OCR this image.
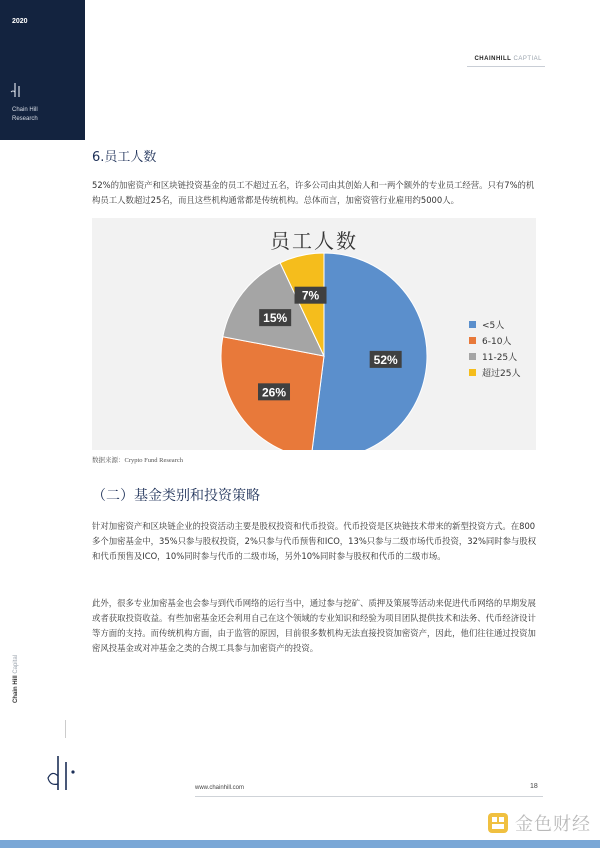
2020
Chain Hill
Research
CHAINHILL CAPTIAL
6.员工人数

52%的加密资产和区块链投资基金的员工不超过五名，许多公司由其创始人和一两个额外的专业员工经营。只有7%的机构员工人数超过25名，而且这些机构通常都是传统机构。总体而言，加密资管行业雇用约5000人。

员工人数
52%
26%
15%
7%
<5人
6-10人
11-25人
超过25人
数据来源：Crypto Fund Research
（二）基金类别和投资策略

针对加密资产和区块链企业的投资活动主要是股权投资和代币投资。代币投资是区块链技术带来的新型投资方式。在800多个加密基金中，35%只参与股权投资，2%只参与代币预售和ICO，13%只参与二级市场代币投资，32%同时参与股权和代币预售及ICO，10%同时参与代币的二级市场，另外10%同时参与股权和代币的二级市场。

此外，很多专业加密基金也会参与到代币网络的运行当中，通过参与挖矿、质押及策展等活动来促进代币网络的早期发展或者获取投资收益。有些加密基金还会利用自己在这个领域的专业知识和经验为项目团队提供技术和法务、代币经济设计等方面的支持。而传统机构方面，由于监管的原因，目前很多数机构无法直接投资加密资产，因此，他们往往通过投资加密风投基金或对冲基金之类的合规工具参与加密资产的投资。

Chain Hill Capital
www.chainhill.com	18
金色财经
